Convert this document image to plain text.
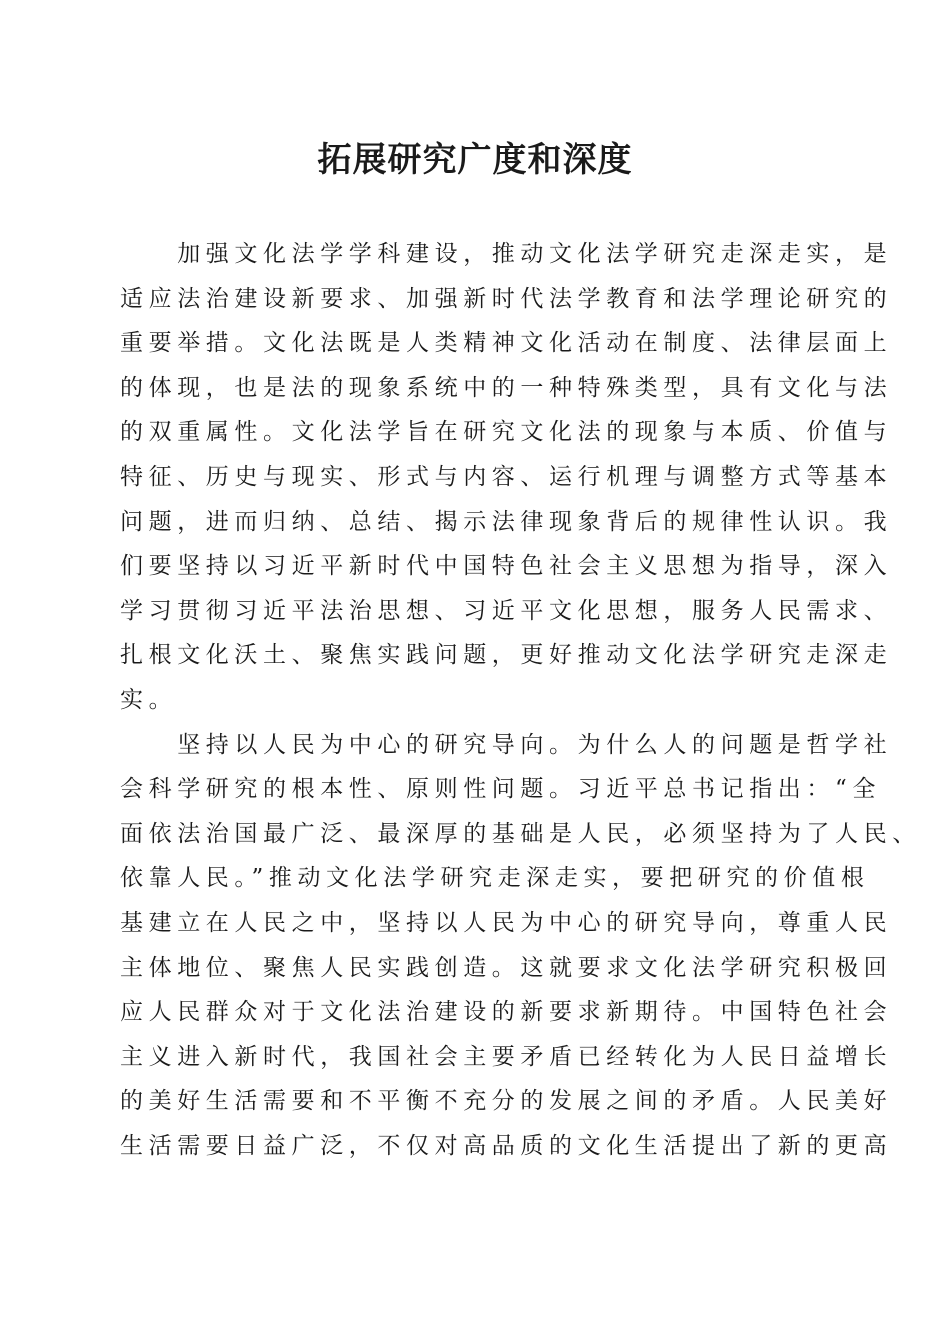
拓展研究广度和深度
　　加强文化法学学科建设，推动文化法学研究走深走实，是
适应法治建设新要求、加强新时代法学教育和法学理论研究的
重要举措。文化法既是人类精神文化活动在制度、法律层面上
的体现，也是法的现象系统中的一种特殊类型，具有文化与法
的双重属性。文化法学旨在研究文化法的现象与本质、价值与
特征、历史与现实、形式与内容、运行机理与调整方式等基本
问题，进而归纳、总结、揭示法律现象背后的规律性认识。我
们要坚持以习近平新时代中国特色社会主义思想为指导，深入
学习贯彻习近平法治思想、习近平文化思想，服务人民需求、
扎根文化沃土、聚焦实践问题，更好推动文化法学研究走深走
实。
　　坚持以人民为中心的研究导向。为什么人的问题是哲学社
会科学研究的根本性、原则性问题。习近平总书记指出：“全
面依法治国最广泛、最深厚的基础是人民，必须坚持为了人民、
依靠人民。”推动文化法学研究走深走实，要把研究的价值根
基建立在人民之中，坚持以人民为中心的研究导向，尊重人民
主体地位、聚焦人民实践创造。这就要求文化法学研究积极回
应人民群众对于文化法治建设的新要求新期待。中国特色社会
主义进入新时代，我国社会主要矛盾已经转化为人民日益增长
的美好生活需要和不平衡不充分的发展之间的矛盾。人民美好
生活需要日益广泛，不仅对高品质的文化生活提出了新的更高
